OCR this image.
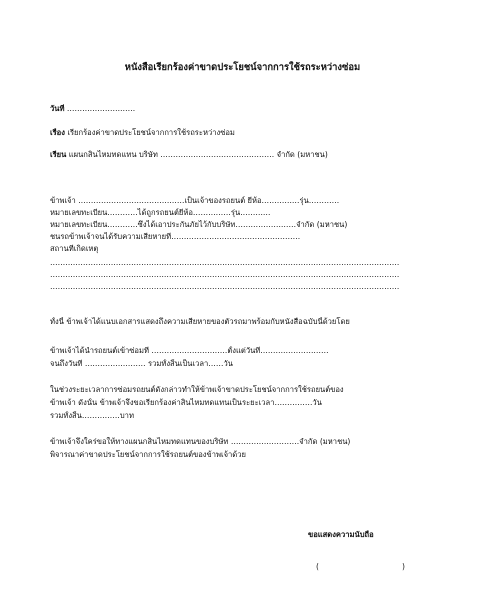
หนังสือเรียกร้องค่าขาดประโยชน์จากการใช้รถระหว่างซ่อม
วันที่ ………………………
เรื่อง เรียกร้องค่าขาดประโยชน์จากการใช้รถระหว่างซ่อม
เรียน แผนกสินไหมทดแทน บริษัท ……………………………………… จำกัด (มหาชน)
ข้าพเจ้า ……………………………………เป็นเจ้าของรถยนต์ ยี่ห้อ……………รุ่น…………
หมายเลขทะเบียน…………ได้ถูกรถยนต์ยี่ห้อ……………รุ่น…………
หมายเลขทะเบียน…………ซึ่งได้เอาประกันภัยไว้กับบริษัท……………………จำกัด (มหาชน)
ชนรถข้าพเจ้าจนได้รับความเสียหายที่……………………………………………
สถานที่เกิดเหตุ
…………………………………………………………………………………………………………………………
…………………………………………………………………………………………………………………………
…………………………………………………………………………………………………………………………
ทั้งนี้ ข้าพเจ้าได้แนบเอกสารแสดงถึงความเสียหายของตัวรถมาพร้อมกับหนังสือฉบับนี้ด้วยโดย
ข้าพเจ้าได้นำรถยนต์เข้าซ่อมที่ …………………………ตั้งแต่วันที่………………………
จนถึงวันที่ …………………… รวมทั้งสิ้นเป็นเวลา……วัน
ในช่วงระยะเวลาการซ่อมรถยนต์ดังกล่าวทำให้ข้าพเจ้าขาดประโยชน์จากการใช้รถยนต์ของ
ข้าพเจ้า ดังนั้น ข้าพเจ้าจึงขอเรียกร้องค่าสินไหมทดแทนเป็นระยะเวลา……………วัน
รวมทั้งสิ้น……………บาท
ข้าพเจ้าจึงใคร่ขอให้ทางแผนกสินไหมทดแทนของบริษัท ………………………จำกัด (มหาชน)
พิจารณาค่าขาดประโยชน์จากการใช้รถยนต์ของข้าพเจ้าด้วย
ขอแสดงความนับถือ
(	)
